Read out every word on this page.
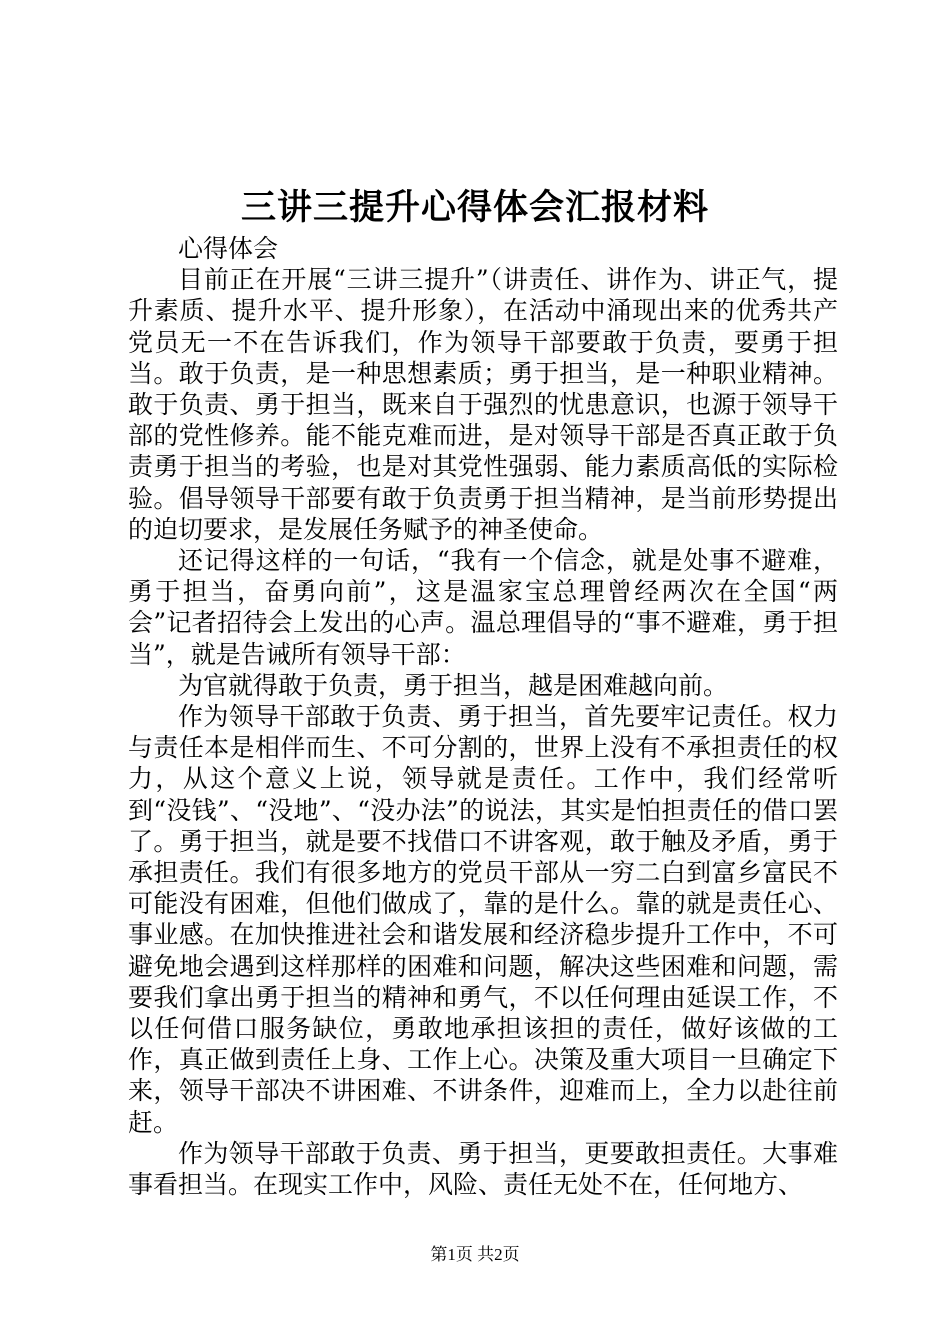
三讲三提升心得体会汇报材料

心得体会

目前正在开展“三讲三提升”（讲责任、讲作为、讲正气，提升素质、提升水平、提升形象），在活动中涌现出来的优秀共产党员无一不在告诉我们，作为领导干部要敢于负责，要勇于担当。敢于负责，是一种思想素质；勇于担当，是一种职业精神。敢于负责、勇于担当，既来自于强烈的忧患意识，也源于领导干部的党性修养。能不能克难而进，是对领导干部是否真正敢于负责勇于担当的考验，也是对其党性强弱、能力素质高低的实际检验。倡导领导干部要有敢于负责勇于担当精神，是当前形势提出的迫切要求，是发展任务赋予的神圣使命。

还记得这样的一句话，“我有一个信念，就是处事不避难，勇于担当，奋勇向前”，这是温家宝总理曾经两次在全国“两会”记者招待会上发出的心声。温总理倡导的“事不避难，勇于担当”，就是告诫所有领导干部：

为官就得敢于负责，勇于担当，越是困难越向前。

作为领导干部敢于负责、勇于担当，首先要牢记责任。权力与责任本是相伴而生、不可分割的，世界上没有不承担责任的权力，从这个意义上说，领导就是责任。工作中，我们经常听到“没钱”、“没地”、“没办法”的说法，其实是怕担责任的借口罢了。勇于担当，就是要不找借口不讲客观，敢于触及矛盾，勇于承担责任。我们有很多地方的党员干部从一穷二白到富乡富民不可能没有困难，但他们做成了，靠的是什么。靠的就是责任心、事业感。在加快推进社会和谐发展和经济稳步提升工作中，不可避免地会遇到这样那样的困难和问题，解决这些困难和问题，需要我们拿出勇于担当的精神和勇气，不以任何理由延误工作，不以任何借口服务缺位，勇敢地承担该担的责任，做好该做的工作，真正做到责任上身、工作上心。决策及重大项目一旦确定下来，领导干部决不讲困难、不讲条件，迎难而上，全力以赴往前赶。

作为领导干部敢于负责、勇于担当，更要敢担责任。大事难事看担当。在现实工作中，风险、责任无处不在，任何地方、

第1页 共2页
